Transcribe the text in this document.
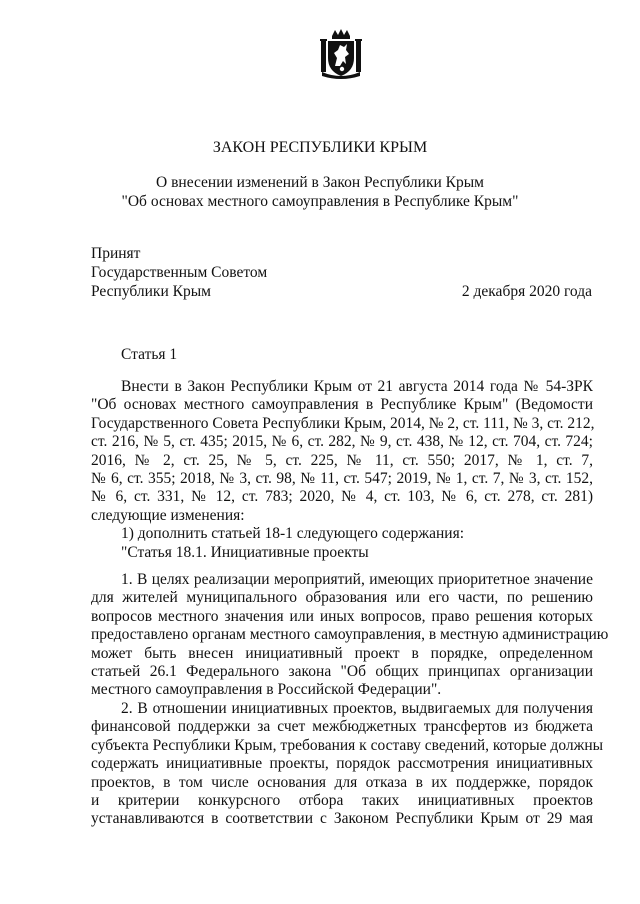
ЗАКОН РЕСПУБЛИКИ КРЫМ
О внесении изменений в Закон Республики Крым
"Об основах местного самоуправления в Республике Крым"
Принят
Государственным Советом
Республики Крым	2 декабря 2020 года
Статья 1
Внести в Закон Республики Крым от 21 августа 2014 года № 54-ЗРК
"Об основах местного самоуправления в Республике Крым" (Ведомости
Государственного Совета Республики Крым, 2014, № 2, ст. 111, № 3, ст. 212,
ст. 216, № 5, ст. 435; 2015, № 6, ст. 282, № 9, ст. 438, № 12, ст. 704, ст. 724;
2016, № 2, ст. 25, № 5, ст. 225, № 11, ст. 550; 2017, № 1, ст. 7,
№ 6, ст. 355; 2018, № 3, ст. 98, № 11, ст. 547; 2019, № 1, ст. 7, № 3, ст. 152,
№ 6, ст. 331, № 12, ст. 783; 2020, № 4, ст. 103, № 6, ст. 278, ст. 281)
следующие изменения:
1) дополнить статьей 18-1 следующего содержания:
"Статья 18.1. Инициативные проекты
1. В целях реализации мероприятий, имеющих приоритетное значение
для жителей муниципального образования или его части, по решению
вопросов местного значения или иных вопросов, право решения которых
предоставлено органам местного самоуправления, в местную администрацию
может быть внесен инициативный проект в порядке, определенном
статьей 26.1 Федерального закона "Об общих принципах организации
местного самоуправления в Российской Федерации".
2. В отношении инициативных проектов, выдвигаемых для получения
финансовой поддержки за счет межбюджетных трансфертов из бюджета
субъекта Республики Крым, требования к составу сведений, которые должны
содержать инициативные проекты, порядок рассмотрения инициативных
проектов, в том числе основания для отказа в их поддержке, порядок
и критерии конкурсного отбора таких инициативных проектов
устанавливаются в соответствии с Законом Республики Крым от 29 мая
